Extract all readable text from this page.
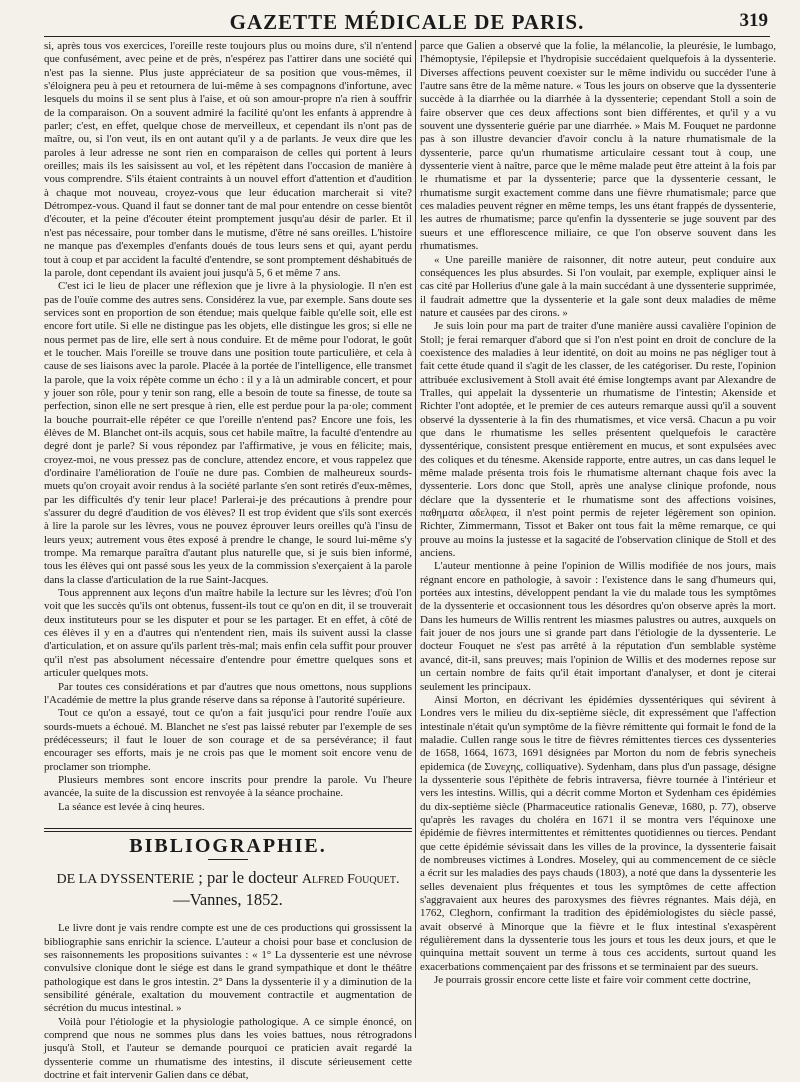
GAZETTE MÉDICALE DE PARIS.	319

si, après tous vos exercices, l'oreille reste toujours plus ou moins dure, s'il n'entend que confusément, avec peine et de près, n'espérez pas l'attirer dans une société qui n'est pas la sienne. Plus juste appréciateur de sa position que vous-mêmes, il s'éloignera peu à peu et retournera de lui-même à ses compagnons d'infortune, avec lesquels du moins il se sent plus à l'aise, et où son amour-propre n'a rien à souffrir de la comparaison. On a souvent admiré la facilité qu'ont les enfants à apprendre à parler; c'est, en effet, quelque chose de merveilleux, et cependant ils n'ont pas de maître, ou, si l'on veut, ils en ont autant qu'il y a de parlants. Je veux dire que les paroles à leur adresse ne sont rien en comparaison de celles qui portent à leurs oreilles; mais ils les saisissent au vol, et les répètent dans l'occasion de manière à vous comprendre. S'ils étaient contraints à un nouvel effort d'attention et d'audition à chaque mot nouveau, croyez-vous que leur éducation marcherait si vite? Détrompez-vous. Quand il faut se donner tant de mal pour entendre on cesse bientôt d'écouter, et la peine d'écouter éteint promptement jusqu'au désir de parler. Et il n'est pas nécessaire, pour tomber dans le mutisme, d'être né sans oreilles. L'histoire ne manque pas d'exemples d'enfants doués de tous leurs sens et qui, ayant perdu tout à coup et par accident la faculté d'entendre, se sont promptement déshabitués de la parole, dont cependant ils avaient joui jusqu'à 5, 6 et même 7 ans.

C'est ici le lieu de placer une réflexion que je livre à la physiologie. Il n'en est pas de l'ouïe comme des autres sens. Considérez la vue, par exemple. Sans doute ses services sont en proportion de son étendue; mais quelque faible qu'elle soit, elle est encore fort utile. Si elle ne distingue pas les objets, elle distingue les gros; si elle ne nous permet pas de lire, elle sert à nous conduire. Et de même pour l'odorat, le goût et le toucher. Mais l'oreille se trouve dans une position toute particulière, et cela à cause de ses liaisons avec la parole. Placée à la portée de l'intelligence, elle transmet la parole, que la voix répète comme un écho : il y a là un admirable concert, et pour y jouer son rôle, pour y tenir son rang, elle a besoin de toute sa finesse, de toute sa perfection, sinon elle ne sert presque à rien, elle est perdue pour la pa·ole; comment la bouche pourrait-elle répéter ce que l'oreille n'entend pas? Encore une fois, les élèves de M. Blanchet ont-ils acquis, sous cet habile maître, la faculté d'entendre au degré dont je parle? Si vous répondez par l'affirmative, je vous en félicite; mais, croyez-moi, ne vous pressez pas de conclure, attendez encore, et vous rappelez que d'ordinaire l'amélioration de l'ouïe ne dure pas. Combien de malheureux sourds-muets qu'on croyait avoir rendus à la société parlante s'en sont retirés d'eux-mêmes, par les difficultés d'y tenir leur place! Parlerai-je des précautions à prendre pour s'assurer du degré d'audition de vos élèves? Il est trop évident que s'ils sont exercés à lire la parole sur les lèvres, vous ne pouvez éprouver leurs oreilles qu'à l'insu de leurs yeux; autrement vous êtes exposé à prendre le change, le sourd lui-même s'y trompe. Ma remarque paraîtra d'autant plus naturelle que, si je suis bien informé, tous les élèves qui ont passé sous les yeux de la commission s'exerçaient à la parole dans la classe d'articulation de la rue Saint-Jacques.

Tous apprennent aux leçons d'un maître habile la lecture sur les lèvres; d'où l'on voit que les succès qu'ils ont obtenus, fussent-ils tout ce qu'on en dit, il se trouverait deux instituteurs pour se les disputer et pour se les partager. Et en effet, à côté de ces élèves il y en a d'autres qui n'entendent rien, mais ils suivent aussi la classe d'articulation, et on assure qu'ils parlent très-mal; mais enfin cela suffit pour prouver qu'il n'est pas absolument nécessaire d'entendre pour émettre quelques sons et articuler quelques mots.

Par toutes ces considérations et par d'autres que nous omettons, nous supplions l'Académie de mettre la plus grande réserve dans sa réponse à l'autorité supérieure.

Tout ce qu'on a essayé, tout ce qu'on a fait jusqu'ici pour rendre l'ouïe aux sourds-muets a échoué. M. Blanchet ne s'est pas laissé rebuter par l'exemple de ses prédécesseurs; il faut le louer de son courage et de sa persévérance; il faut encourager ses efforts, mais je ne crois pas que le moment soit encore venu de proclamer son triomphe.

Plusieurs membres sont encore inscrits pour prendre la parole. Vu l'heure avancée, la suite de la discussion est renvoyée à la séance prochaine.

La séance est levée à cinq heures.

BIBLIOGRAPHIE.
DE LA DYSSENTERIE ; par le docteur Alfred Fouquet.
—Vannes, 1852.

Le livre dont je vais rendre compte est une de ces productions qui grossissent la bibliographie sans enrichir la science. L'auteur a choisi pour base et conclusion de ses raisonnements les propositions suivantes : « 1° La dyssenterie est une névrose convulsive clonique dont le siége est dans le grand sympathique et dont le théâtre pathologique est dans le gros intestin. 2° Dans la dyssenterie il y a diminution de la sensibilité générale, exaltation du mouvement contractile et augmentation de sécrétion du mucus intestinal. »

Voilà pour l'étiologie et la physiologie pathologique. A ce simple énoncé, on comprend que nous ne sommes plus dans les voies battues, nous rétrogradons jusqu'à Stoll, et l'auteur se demande pourquoi ce praticien avait regardé la dyssenterie comme un rhumatisme des intestins, il discute sérieusement cette doctrine et fait intervenir Galien dans ce débat,

parce que Galien a observé que la folie, la mélancolie, la pleurésie, le lumbago, l'hémoptysie, l'épilepsie et l'hydropisie succédaient quelquefois à la dyssenterie. Diverses affections peuvent coexister sur le même individu ou succéder l'une à l'autre sans être de la même nature. « Tous les jours on observe que la dyssenterie succède à la diarrhée ou la diarrhée à la dyssenterie; cependant Stoll a soin de faire observer que ces deux affections sont bien différentes, et qu'il y a vu souvent une dyssenterie guérie par une diarrhée. » Mais M. Fouquet ne pardonne pas à son illustre devancier d'avoir conclu à la nature rhumatismale de la dyssenterie, parce qu'un rhumatisme articulaire cessant tout à coup, une dyssenterie vient à naître, parce que le même malade peut être atteint à la fois par le rhumatisme et par la dyssenterie; parce que la dyssenterie cessant, le rhumatisme surgit exactement comme dans une fièvre rhumatismale; parce que ces maladies peuvent régner en même temps, les uns étant frappés de dyssenterie, les autres de rhumatisme; parce qu'enfin la dyssenterie se juge souvent par des sueurs et une efflorescence miliaire, ce que l'on observe souvent dans les rhumatismes.

« Une pareille manière de raisonner, dit notre auteur, peut conduire aux conséquences les plus absurdes. Si l'on voulait, par exemple, expliquer ainsi le cas cité par Hollerius d'une gale à la main succédant à une dyssenterie supprimée, il faudrait admettre que la dyssenterie et la gale sont deux maladies de même nature et causées par des cirons. »

Je suis loin pour ma part de traiter d'une manière aussi cavalière l'opinion de Stoll; je ferai remarquer d'abord que si l'on n'est point en droit de conclure de la coexistence des maladies à leur identité, on doit au moins ne pas négliger tout à fait cette étude quand il s'agit de les classer, de les catégoriser. Du reste, l'opinion attribuée exclusivement à Stoll avait été émise longtemps avant par Alexandre de Tralles, qui appelait la dyssenterie un rhumatisme de l'intestin; Akenside et Richter l'ont adoptée, et le premier de ces auteurs remarque aussi qu'il a souvent observé la dyssenterie à la fin des rhumatismes, et vice versâ. Chacun a pu voir que dans le rhumatisme les selles présentent quelquefois le caractère dyssentérique, consistent presque entièrement en mucus, et sont expulsées avec des coliques et du ténesme. Akenside rapporte, entre autres, un cas dans lequel le même malade présenta trois fois le rhumatisme alternant chaque fois avec la dyssenterie. Lors donc que Stoll, après une analyse clinique profonde, nous déclare que la dyssenterie et le rhumatisme sont des affections voisines, παθηματα αδελφεα, il n'est point permis de rejeter légèrement son opinion. Richter, Zimmermann, Tissot et Baker ont tous fait la même remarque, ce qui prouve au moins la justesse et la sagacité de l'observation clinique de Stoll et des anciens.

L'auteur mentionne à peine l'opinion de Willis modifiée de nos jours, mais régnant encore en pathologie, à savoir : l'existence dans le sang d'humeurs qui, portées aux intestins, développent pendant la vie du malade tous les symptômes de la dyssenterie et occasionnent tous les désordres qu'on observe après la mort. Dans les humeurs de Willis rentrent les miasmes palustres ou autres, auxquels on fait jouer de nos jours une si grande part dans l'étiologie de la dyssenterie. Le docteur Fouquet ne s'est pas arrêté à la réputation d'un semblable système avancé, dit-il, sans preuves; mais l'opinion de Willis et des modernes repose sur un certain nombre de faits qu'il était important d'analyser, et dont je citerai seulement les principaux.

Ainsi Morton, en décrivant les épidémies dyssentériques qui sévirent à Londres vers le milieu du dix-septième siècle, dit expressément que l'affection intestinale n'était qu'un symptôme de la fièvre rémittente qui formait le fond de la maladie. Cullen range sous le titre de fièvres rémittentes tierces ces dyssenteries de 1658, 1664, 1673, 1691 désignées par Morton du nom de febris synecheis epidemica (de Συνεχης, colliquative). Sydenham, dans plus d'un passage, désigne la dyssenterie sous l'épithète de febris intraversa, fièvre tournée à l'intérieur et vers les intestins. Willis, qui a décrit comme Morton et Sydenham ces épidémies du dix-septième siècle (Pharmaceutice rationalis Genevæ, 1680, p. 77), observe qu'après les ravages du choléra en 1671 il se montra vers l'équinoxe une épidémie de fièvres intermittentes et rémittentes quotidiennes ou tierces. Pendant que cette épidémie sévissait dans les villes de la province, la dyssenterie faisait de nombreuses victimes à Londres. Moseley, qui au commencement de ce siècle a écrit sur les maladies des pays chauds (1803), a noté que dans la dyssenterie les selles devenaient plus fréquentes et tous les symptômes de cette affection s'aggravaient aux heures des paroxysmes des fièvres régnantes. Mais déjà, en 1762, Cleghorn, confirmant la tradition des épidémiologistes du siècle passé, avait observé à Minorque que la fièvre et le flux intestinal s'exaspèrent régulièrement dans la dyssenterie tous les jours et tous les deux jours, et que le quinquina mettait souvent un terme à tous ces accidents, surtout quand les exacerbations commençaient par des frissons et se terminaient par des sueurs.

Je pourrais grossir encore cette liste et faire voir comment cette doctrine,
